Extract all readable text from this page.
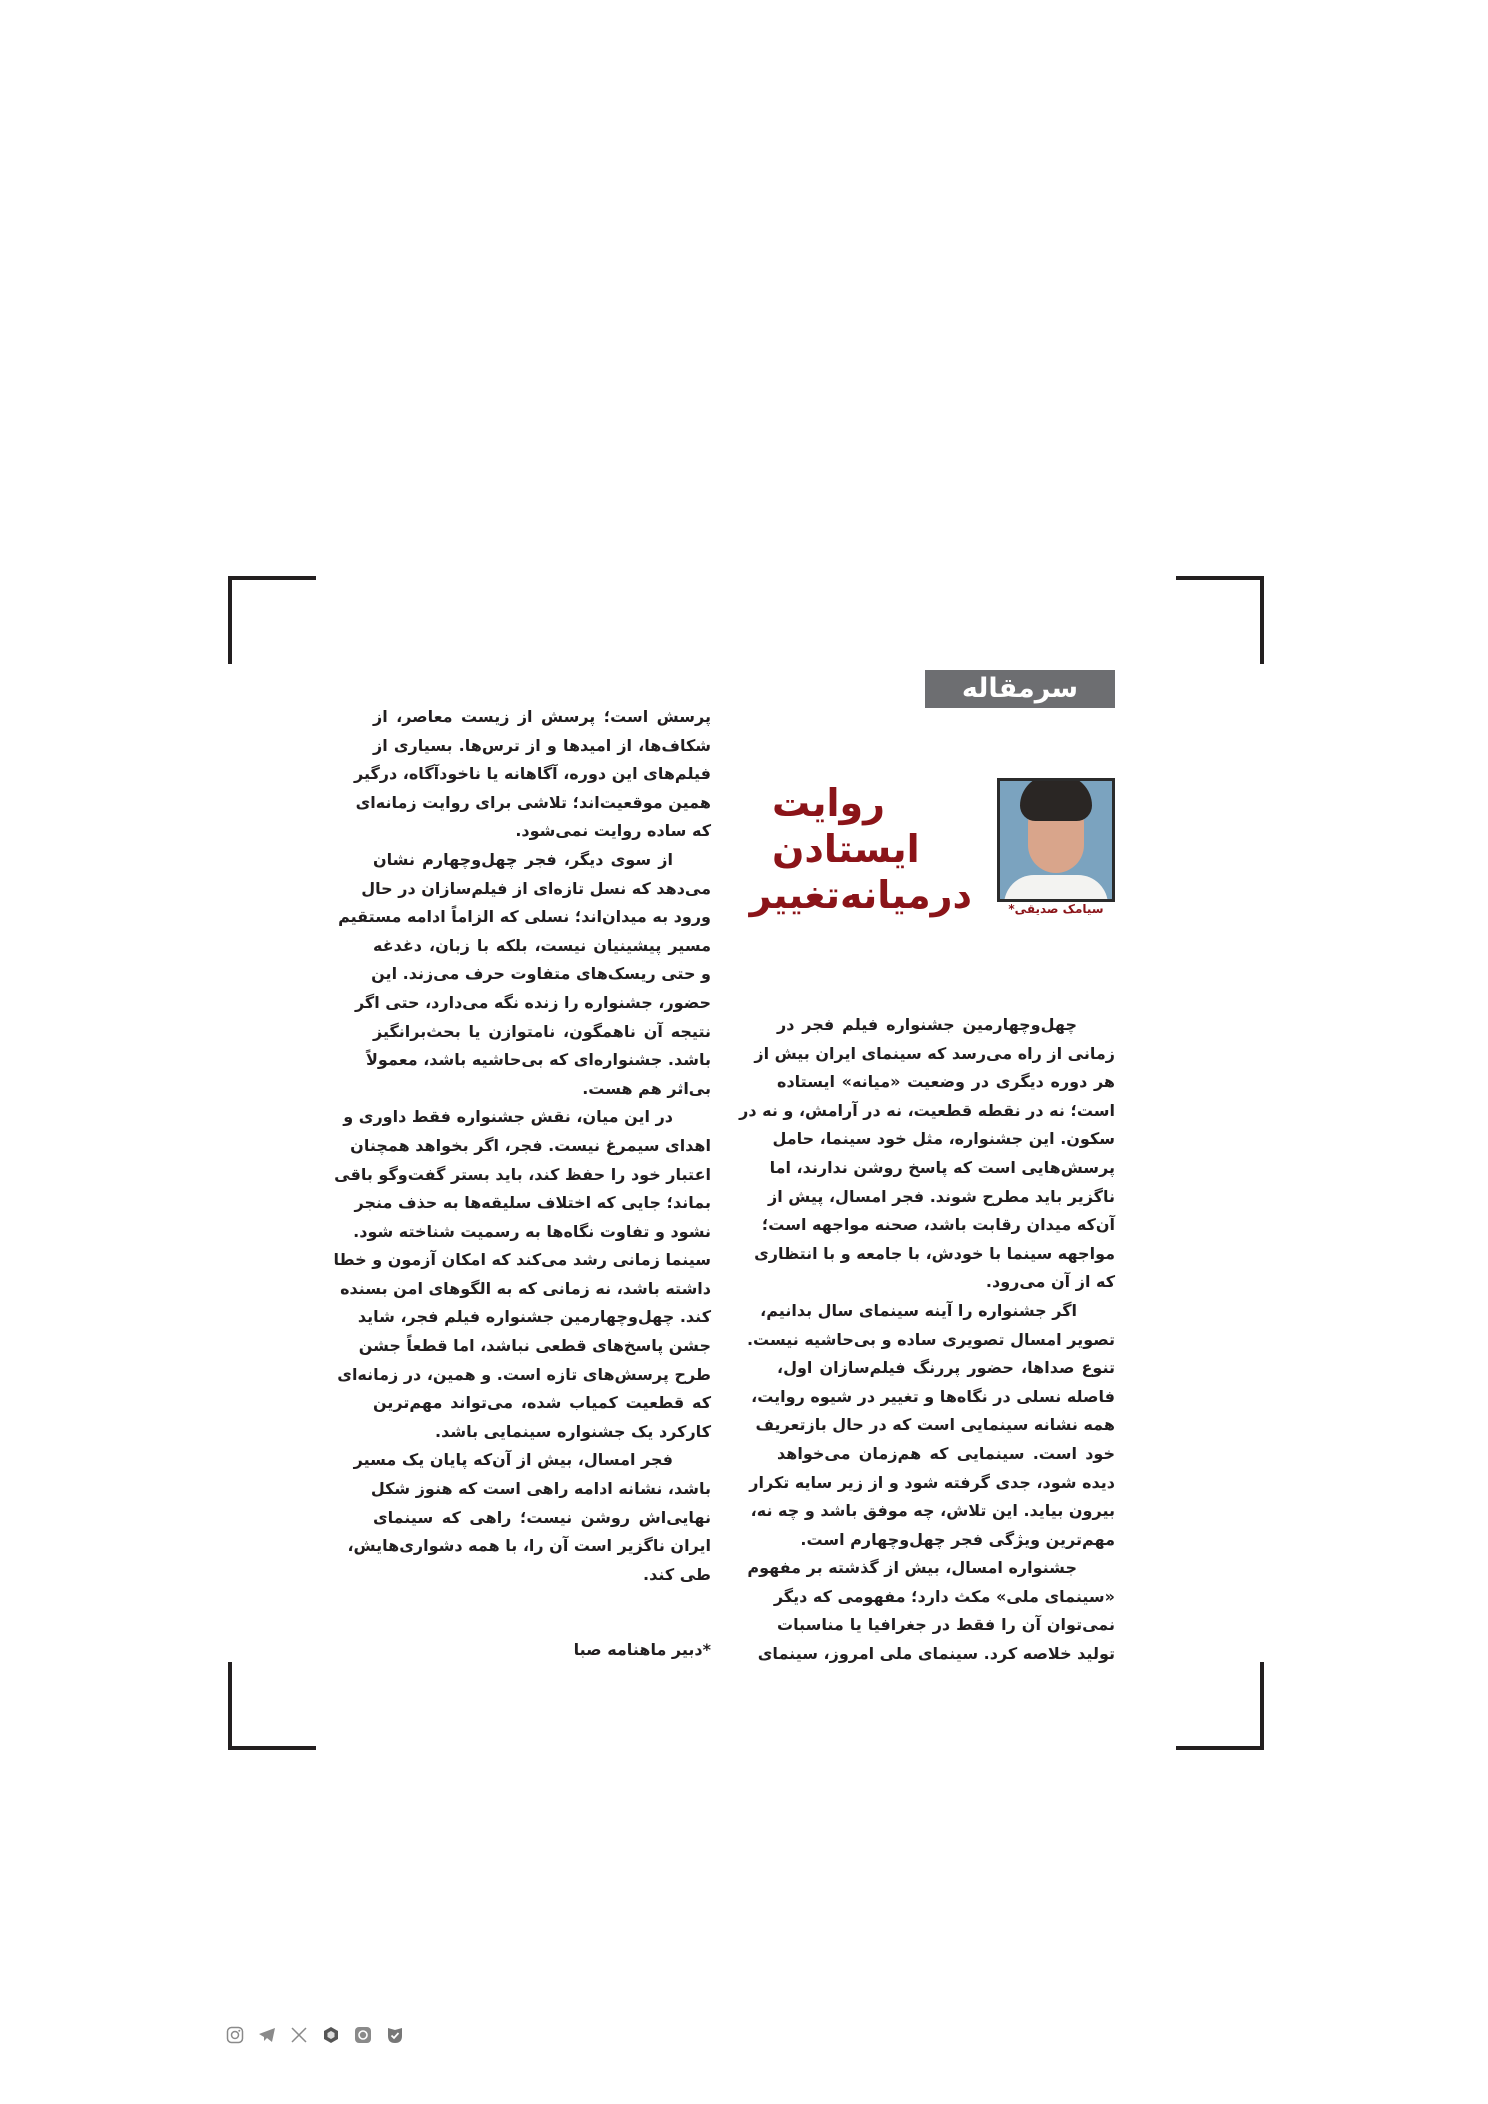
سرمقاله
روایت
ایستادن
درمیانه‌تغییر	سیامک صدیقی*
چهل‌وچهارمین جشنواره فیلم فجر در
زمانی از راه می‌رسد که سینمای ایران بیش از
هر دوره دیگری در وضعیت «میانه» ایستاده
است؛ نه در نقطه قطعیت، نه در آرامش، و نه در
سکون. این جشنواره، مثل خود سینما، حامل
پرسش‌هایی است که پاسخ روشن ندارند، اما
ناگزیر باید مطرح شوند. فجر امسال، پیش از
آن‌که میدان رقابت باشد، صحنه مواجهه است؛
مواجهه سینما با خودش، با جامعه و با انتظاری
که از آن می‌رود.
اگر جشنواره را آینه سینمای سال بدانیم،
تصویر امسال تصویری ساده و بی‌حاشیه نیست.
تنوع صداها، حضور پررنگ فیلم‌سازان اول،
فاصله نسلی در نگاه‌ها و تغییر در شیوه روایت،
همه نشانه سینمایی است که در حال بازتعریف
خود است. سینمایی که هم‌زمان می‌خواهد
دیده شود، جدی گرفته شود و از زیر سایه تکرار
بیرون بیاید. این تلاش، چه موفق باشد و چه نه،
مهم‌ترین ویژگی فجر چهل‌وچهارم است.
جشنواره امسال، بیش از گذشته بر مفهوم
«سینمای ملی» مکث دارد؛ مفهومی که دیگر
نمی‌توان آن را فقط در جغرافیا یا مناسبات
تولید خلاصه کرد. سینمای ملی امروز، سینمای
پرسش است؛ پرسش از زیست معاصر، از
شکاف‌ها، از امیدها و از ترس‌ها. بسیاری از
فیلم‌های این دوره، آگاهانه یا ناخودآگاه، درگیر
همین موقعیت‌اند؛ تلاشی برای روایت زمانه‌ای
که ساده روایت نمی‌شود.
از سوی دیگر، فجر چهل‌وچهارم نشان
می‌دهد که نسل تازه‌ای از فیلم‌سازان در حال
ورود به میدان‌اند؛ نسلی که الزاماً ادامه مستقیم
مسیر پیشینیان نیست، بلکه با زبان، دغدغه
و حتی ریسک‌های متفاوت حرف می‌زند. این
حضور، جشنواره را زنده نگه می‌دارد، حتی اگر
نتیجه آن ناهمگون، نامتوازن یا بحث‌برانگیز
باشد. جشنواره‌ای که بی‌حاشیه باشد، معمولاً
بی‌اثر هم هست.
در این میان، نقش جشنواره فقط داوری و
اهدای سیمرغ نیست. فجر، اگر بخواهد همچنان
اعتبار خود را حفظ کند، باید بستر گفت‌وگو باقی
بماند؛ جایی که اختلاف سلیقه‌ها به حذف منجر
نشود و تفاوت نگاه‌ها به رسمیت شناخته شود.
سینما زمانی رشد می‌کند که امکان آزمون و خطا
داشته باشد، نه زمانی که به الگوهای امن بسنده
کند. چهل‌وچهارمین جشنواره فیلم فجر، شاید
جشن پاسخ‌های قطعی نباشد، اما قطعاً جشن
طرح پرسش‌های تازه است. و همین، در زمانه‌ای
که قطعیت کمیاب شده، می‌تواند مهم‌ترین
کارکرد یک جشنواره سینمایی باشد.
فجر امسال، بیش از آن‌که پایان یک مسیر
باشد، نشانه ادامه راهی است که هنوز شکل
نهایی‌اش روشن نیست؛ راهی که سینمای
ایران ناگزیر است آن را، با همه دشواری‌هایش،
طی کند.
*دبیر ماهنامه صبا
